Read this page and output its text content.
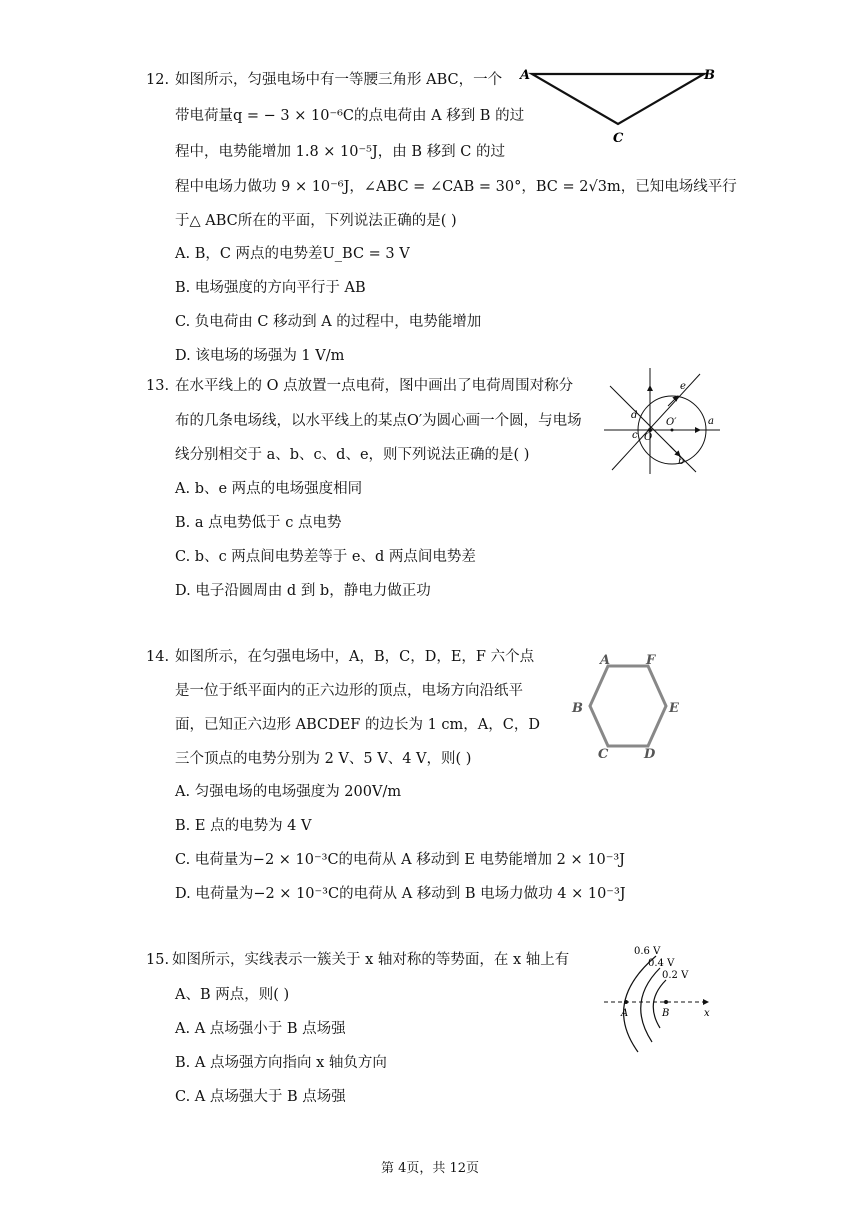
12. 如图所示，匀强电场中有一等腰三角形 ABC，一个
带电荷量q = − 3 × 10⁻⁶C的点电荷由 A 移到 B 的过
程中，电势能增加 1.8 × 10⁻⁵J，由 B 移到 C 的过
程中电场力做功 9 × 10⁻⁶J，∠ABC = ∠CAB = 30°，BC = 2√3m，已知电场线平行
于△ ABC所在的平面，下列说法正确的是( )
A. B，C 两点的电势差U_BC = 3 V
B. 电场强度的方向平行于 AB
C. 负电荷由 C 移动到 A 的过程中，电势能增加
D. 该电场的场强为 1 V/m
A	B
C
13. 在水平线上的 O 点放置一点电荷，图中画出了电荷周围对称分
布的几条电场线，以水平线上的某点O′为圆心画一个圆，与电场
线分别相交于 a、b、c、d、e，则下列说法正确的是( )
A. b、e 两点的电场强度相同
B. a 点电势低于 c 点电势
C. b、c 两点间电势差等于 e、d 两点间电势差
D. 电子沿圆周由 d 到 b，静电力做正功
e
d
O′	a
c O
b
14. 如图所示，在匀强电场中，A，B，C，D，E，F 六个点
是一位于纸平面内的正六边形的顶点，电场方向沿纸平
面，已知正六边形 ABCDEF 的边长为 1 cm，A，C，D
三个顶点的电势分别为 2 V、5 V、4 V，则( )
A. 匀强电场的电场强度为 200V/m
B. E 点的电势为 4 V
C. 电荷量为−2 × 10⁻³C的电荷从 A 移动到 E 电势能增加 2 × 10⁻³J
D. 电荷量为−2 × 10⁻³C的电荷从 A 移动到 B 电场力做功 4 × 10⁻³J
A	F
B	E
C	D
15. 如图所示，实线表示一簇关于 x 轴对称的等势面，在 x 轴上有
A、B 两点，则( )
A. A 点场强小于 B 点场强
B. A 点场强方向指向 x 轴负方向
C. A 点场强大于 B 点场强
0.6 V
0.4 V
0.2 V
A	B	x
第 4页，共 12页
